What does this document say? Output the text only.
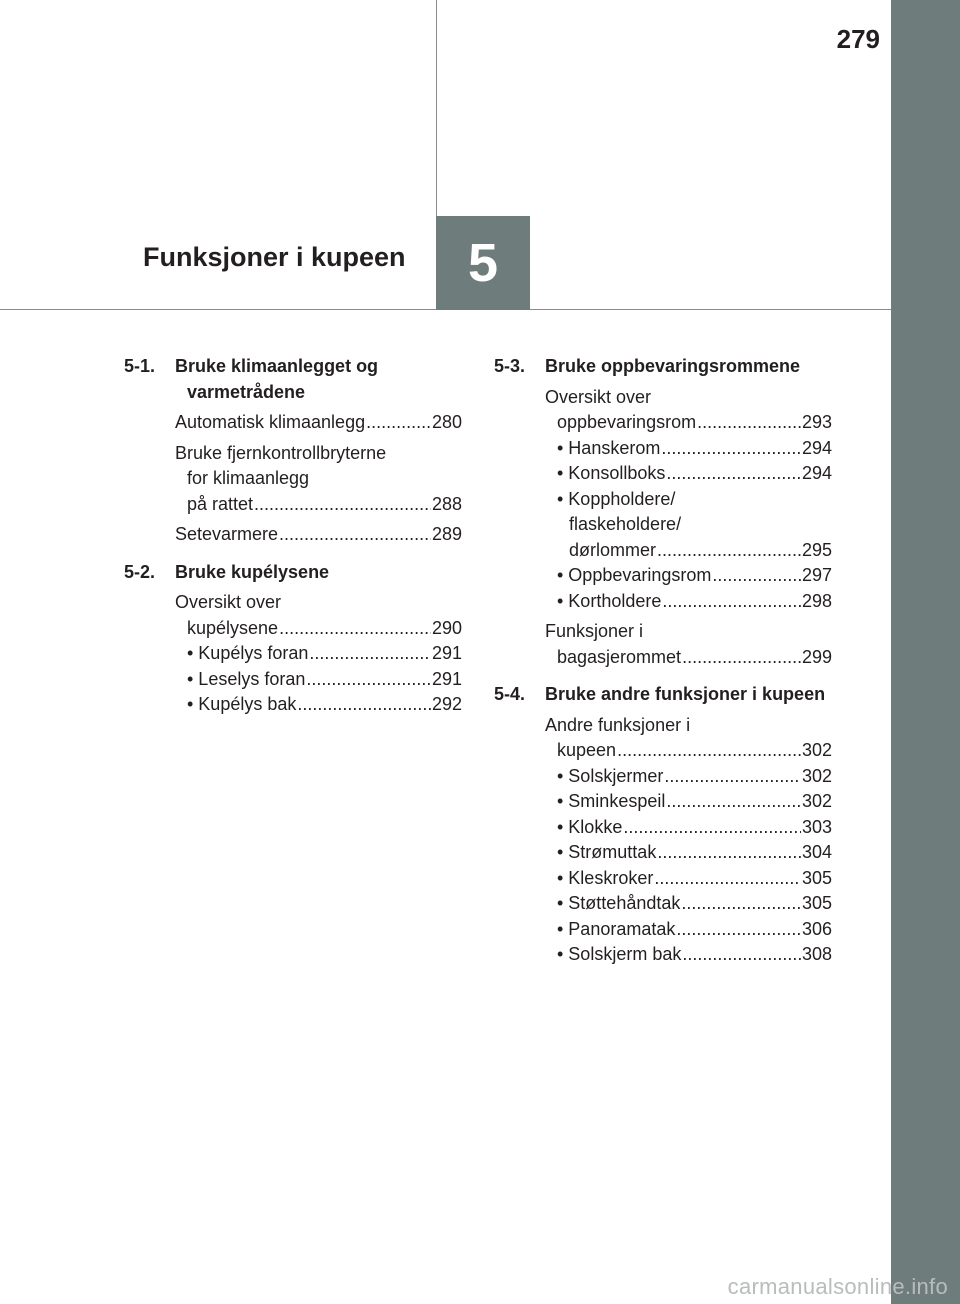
279
5
Funksjoner i kupeen
5-1.	Bruke klimaanlegget og varmetrådene
Automatisk klimaanlegg .....	280
Bruke fjernkontrollbryterne
for klimaanlegg
på rattet .....	288
Setevarmere .....	289
5-2.	Bruke kupélysene
Oversikt over
kupélysene .....	290
• Kupélys foran .....	291
• Leselys foran .....	291
• Kupélys bak .....	292
5-3.	Bruke oppbevaringsrommene
Oversikt over
oppbevaringsrom .....	293
• Hanskerom .....	294
• Konsollboks .....	294
• Koppholdere/
flaskeholdere/
dørlommer .....	295
• Oppbevaringsrom .....	297
• Kortholdere .....	298
Funksjoner i
bagasjerommet .....	299
5-4.	Bruke andre funksjoner i kupeen
Andre funksjoner i
kupeen .....	302
• Solskjermer .....	302
• Sminkespeil .....	302
• Klokke .....	303
• Strømuttak .....	304
• Kleskroker .....	305
• Støttehåndtak .....	305
• Panoramatak .....	306
• Solskjerm bak .....	308
carmanualsonline.info
